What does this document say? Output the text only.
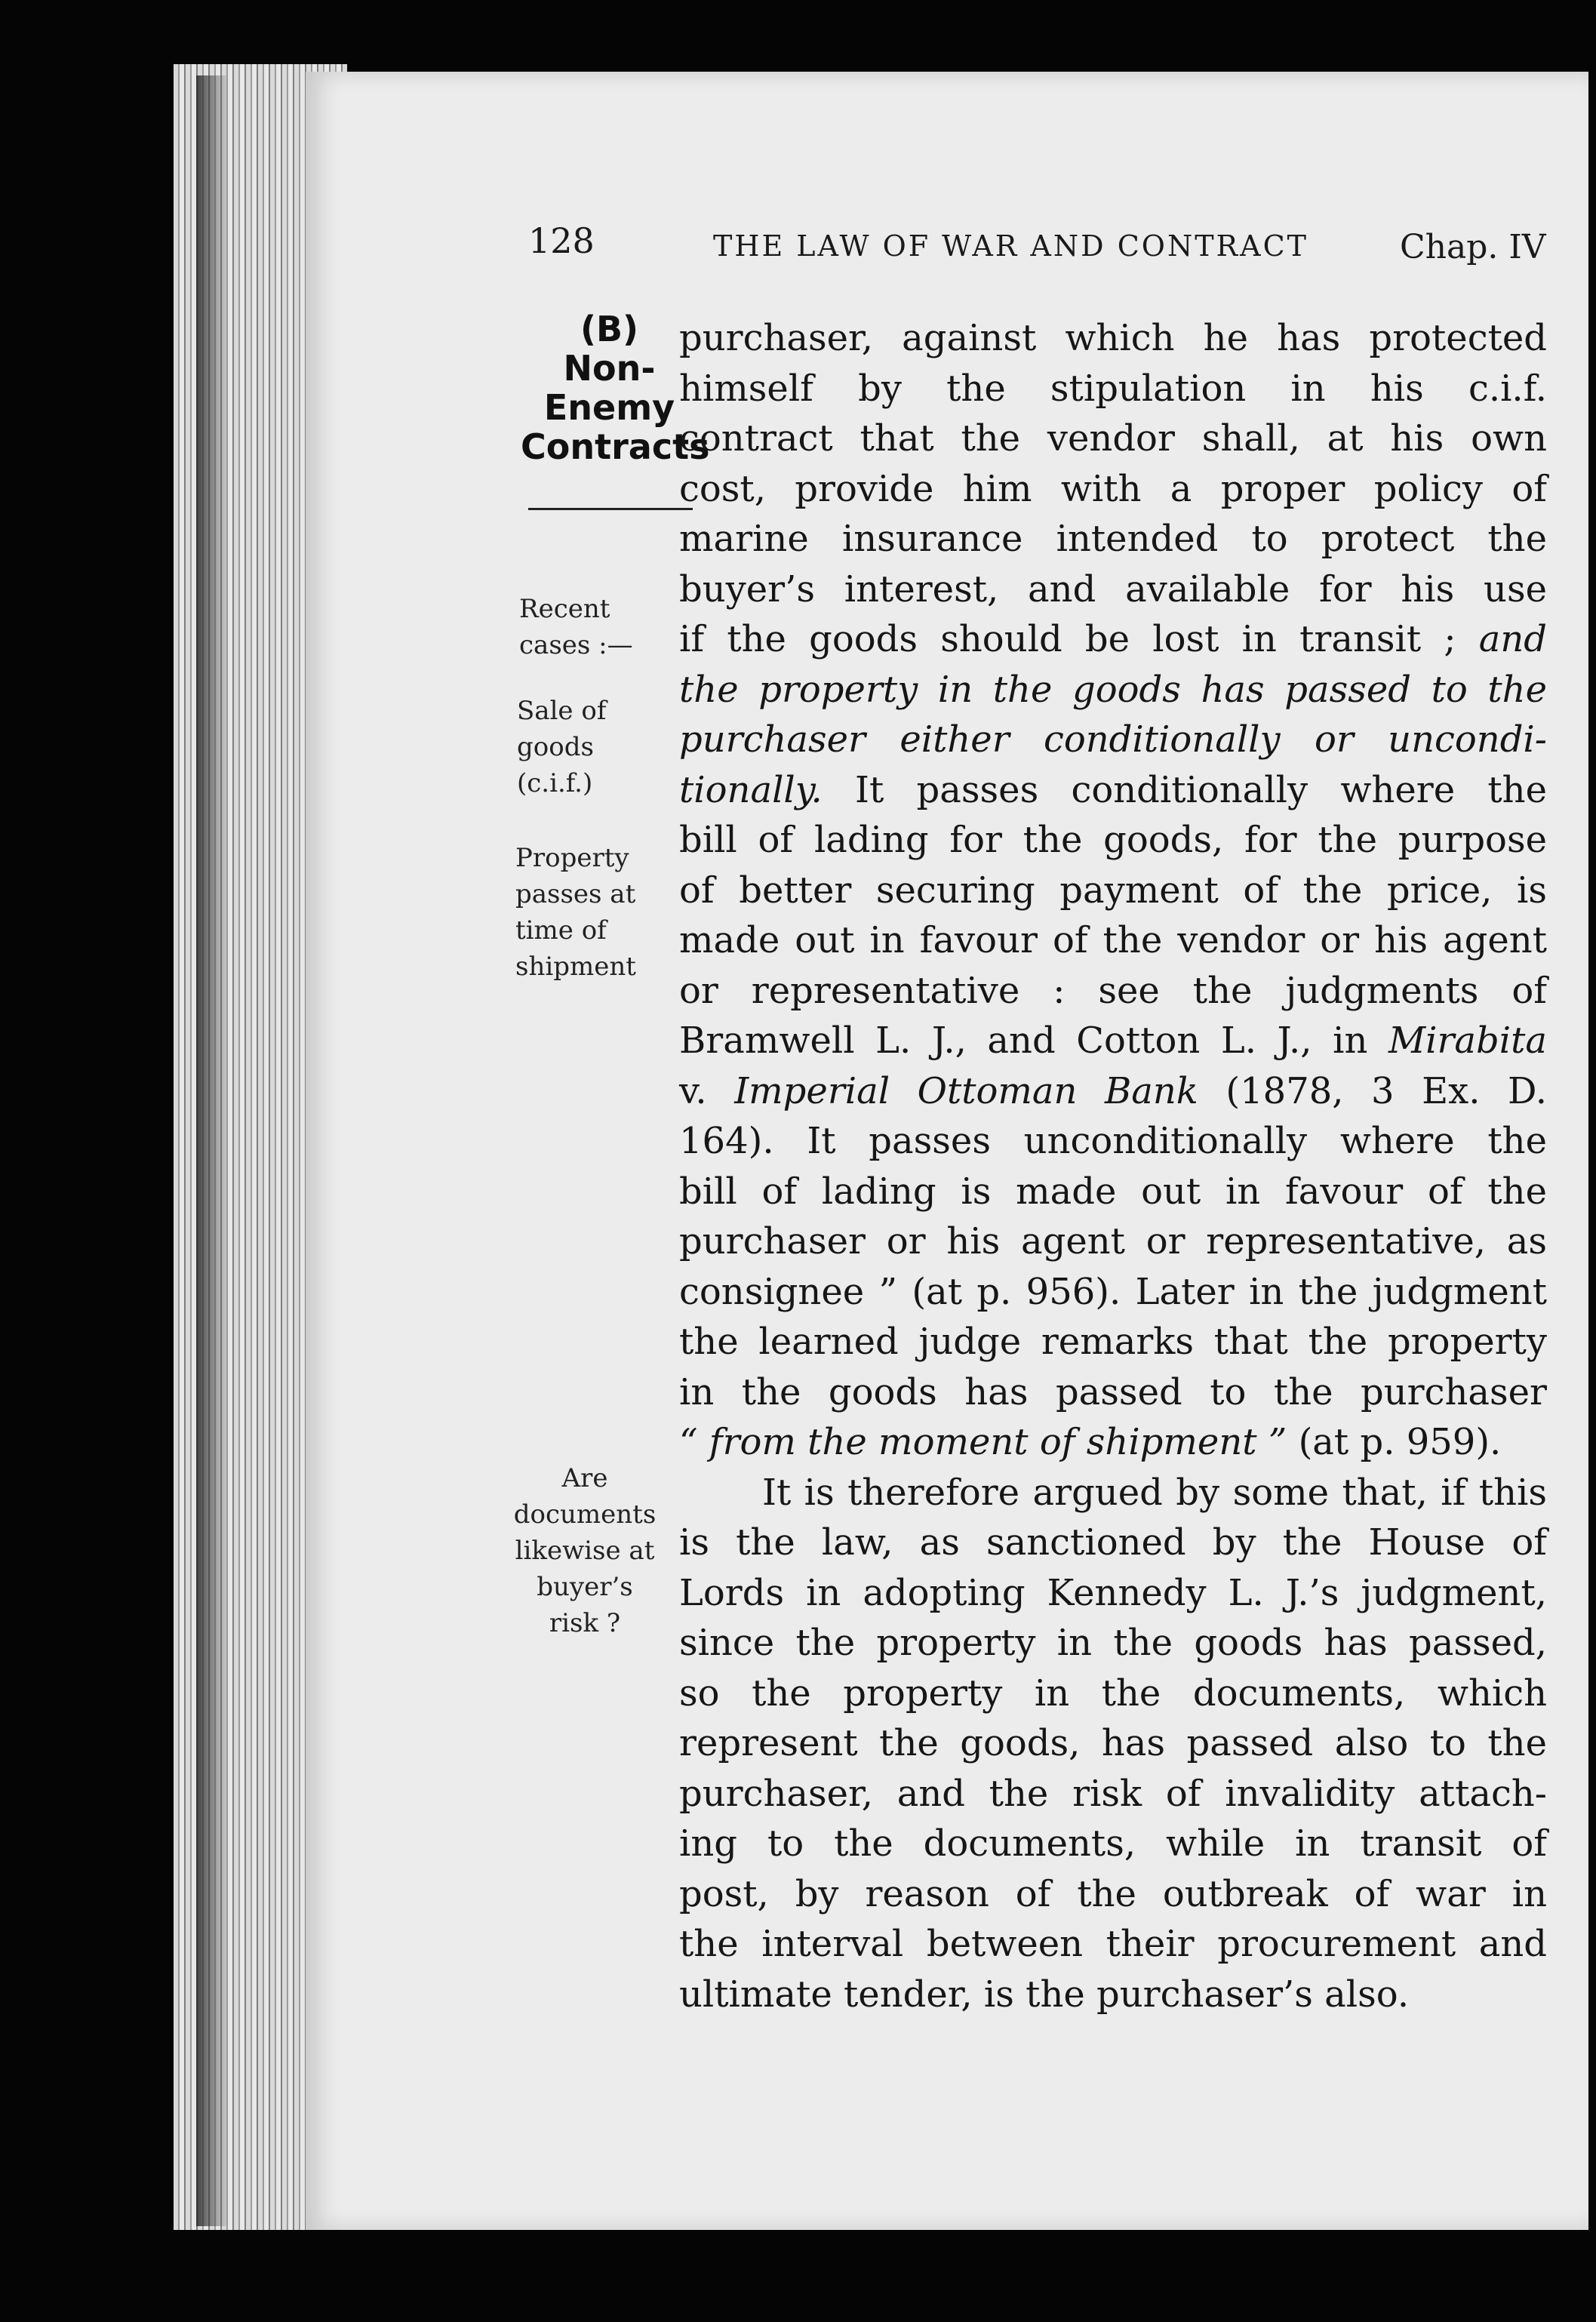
128	THE LAW OF WAR AND CONTRACT	Chap. IV
(B)
Non-
Enemy
Contracts
Recent
cases :—
Sale of
goods
(c.i.f.)
Property
passes at
time of
shipment
Are
documents
likewise at
buyer’s
risk ?
purchaser, against which he has protected
himself by the stipulation in his c.i.f.
contract that the vendor shall, at his own
cost, provide him with a proper policy of
marine insurance intended to protect the
buyer’s interest, and available for his use
if the goods should be lost in transit ; and
the property in the goods has passed to the
purchaser either conditionally or uncondi-
tionally. It passes conditionally where the
bill of lading for the goods, for the purpose
of better securing payment of the price, is
made out in favour of the vendor or his agent
or representative : see the judgments of
Bramwell L. J., and Cotton L. J., in Mirabita
v. Imperial Ottoman Bank (1878, 3 Ex. D.
164). It passes unconditionally where the
bill of lading is made out in favour of the
purchaser or his agent or representative, as
consignee ” (at p. 956). Later in the judgment
the learned judge remarks that the property
in the goods has passed to the purchaser
“ from the moment of shipment ” (at p. 959).
It is therefore argued by some that, if this
is the law, as sanctioned by the House of
Lords in adopting Kennedy L. J.’s judgment,
since the property in the goods has passed,
so the property in the documents, which
represent the goods, has passed also to the
purchaser, and the risk of invalidity attach-
ing to the documents, while in transit of
post, by reason of the outbreak of war in
the interval between their procurement and
ultimate tender, is the purchaser’s also.
